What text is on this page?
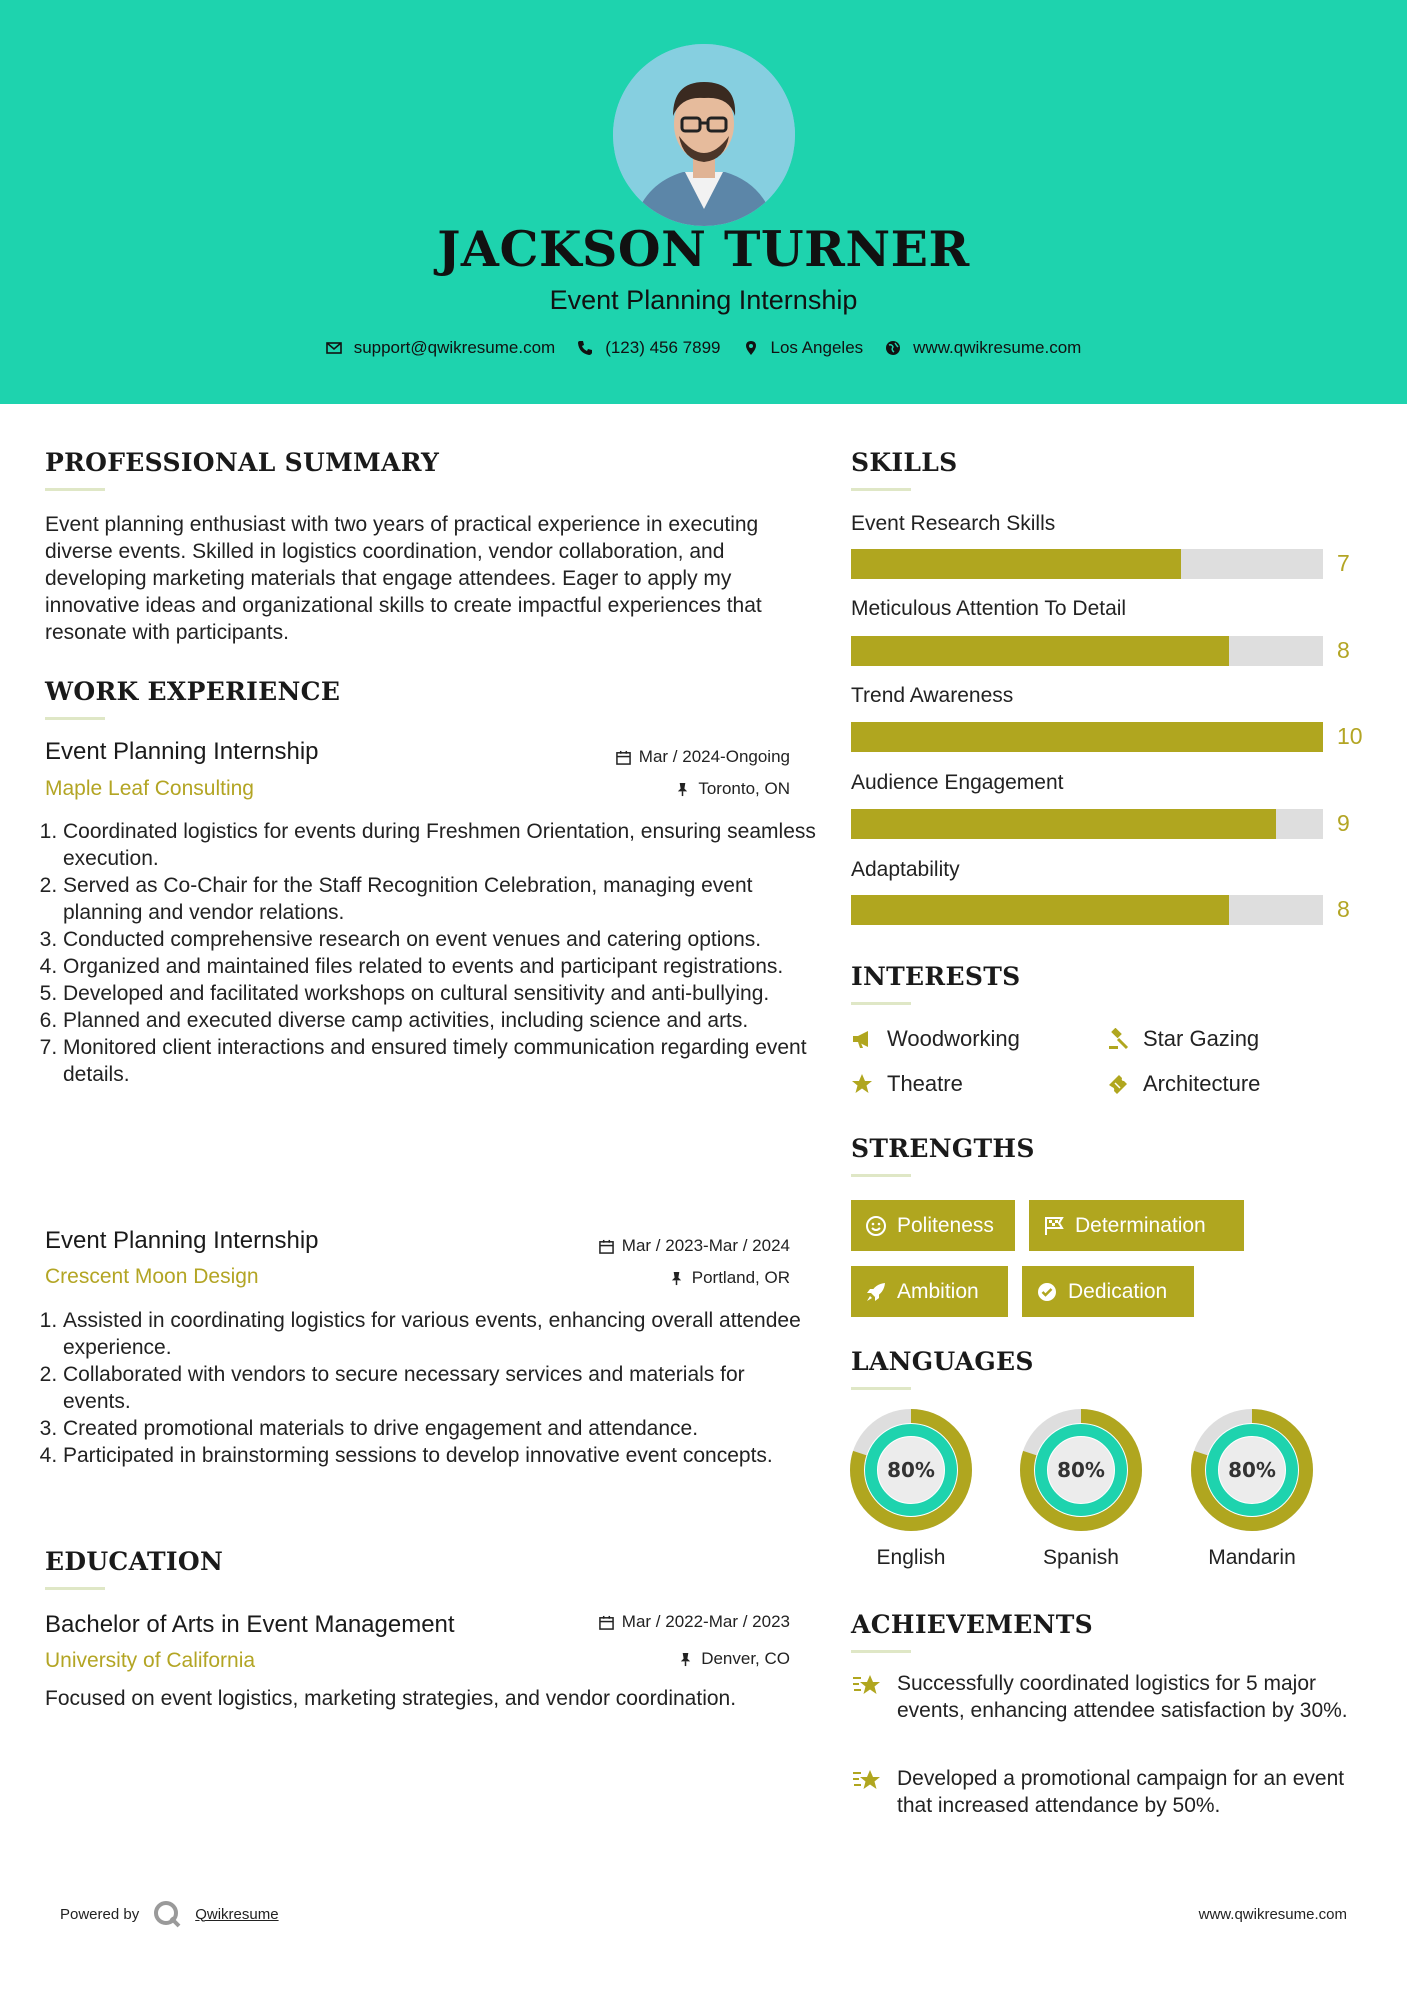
JACKSON TURNER
Event Planning Internship
support@qwikresume.com	(123) 456 7899	Los Angeles	www.qwikresume.com
PROFESSIONAL SUMMARY
Event planning enthusiast with two years of practical experience in executing diverse events. Skilled in logistics coordination, vendor collaboration, and developing marketing materials that engage attendees. Eager to apply my innovative ideas and organizational skills to create impactful experiences that resonate with participants.
WORK EXPERIENCE
Event Planning Internship
Maple Leaf Consulting
Mar / 2024-Ongoing
Toronto, ON
1. Coordinated logistics for events during Freshmen Orientation, ensuring seamless execution.
2. Served as Co-Chair for the Staff Recognition Celebration, managing event planning and vendor relations.
3. Conducted comprehensive research on event venues and catering options.
4. Organized and maintained files related to events and participant registrations.
5. Developed and facilitated workshops on cultural sensitivity and anti-bullying.
6. Planned and executed diverse camp activities, including science and arts.
7. Monitored client interactions and ensured timely communication regarding event details.
Event Planning Internship
Crescent Moon Design
Mar / 2023-Mar / 2024
Portland, OR
1. Assisted in coordinating logistics for various events, enhancing overall attendee experience.
2. Collaborated with vendors to secure necessary services and materials for events.
3. Created promotional materials to drive engagement and attendance.
4. Participated in brainstorming sessions to develop innovative event concepts.
EDUCATION
Bachelor of Arts in Event Management
University of California
Mar / 2022-Mar / 2023
Denver, CO
Focused on event logistics, marketing strategies, and vendor coordination.
SKILLS
Event Research Skills
7
Meticulous Attention To Detail
8
Trend Awareness
10
Audience Engagement
9
Adaptability
8
INTERESTS
Woodworking	Star Gazing
Theatre	Architecture
STRENGTHS
Politeness	Determination
Ambition	Dedication
LANGUAGES
80%
English
80%
Spanish
80%
Mandarin
ACHIEVEMENTS
Successfully coordinated logistics for 5 major events, enhancing attendee satisfaction by 30%.
Developed a promotional campaign for an event that increased attendance by 50%.
Powered by	Qwikresume	www.qwikresume.com
